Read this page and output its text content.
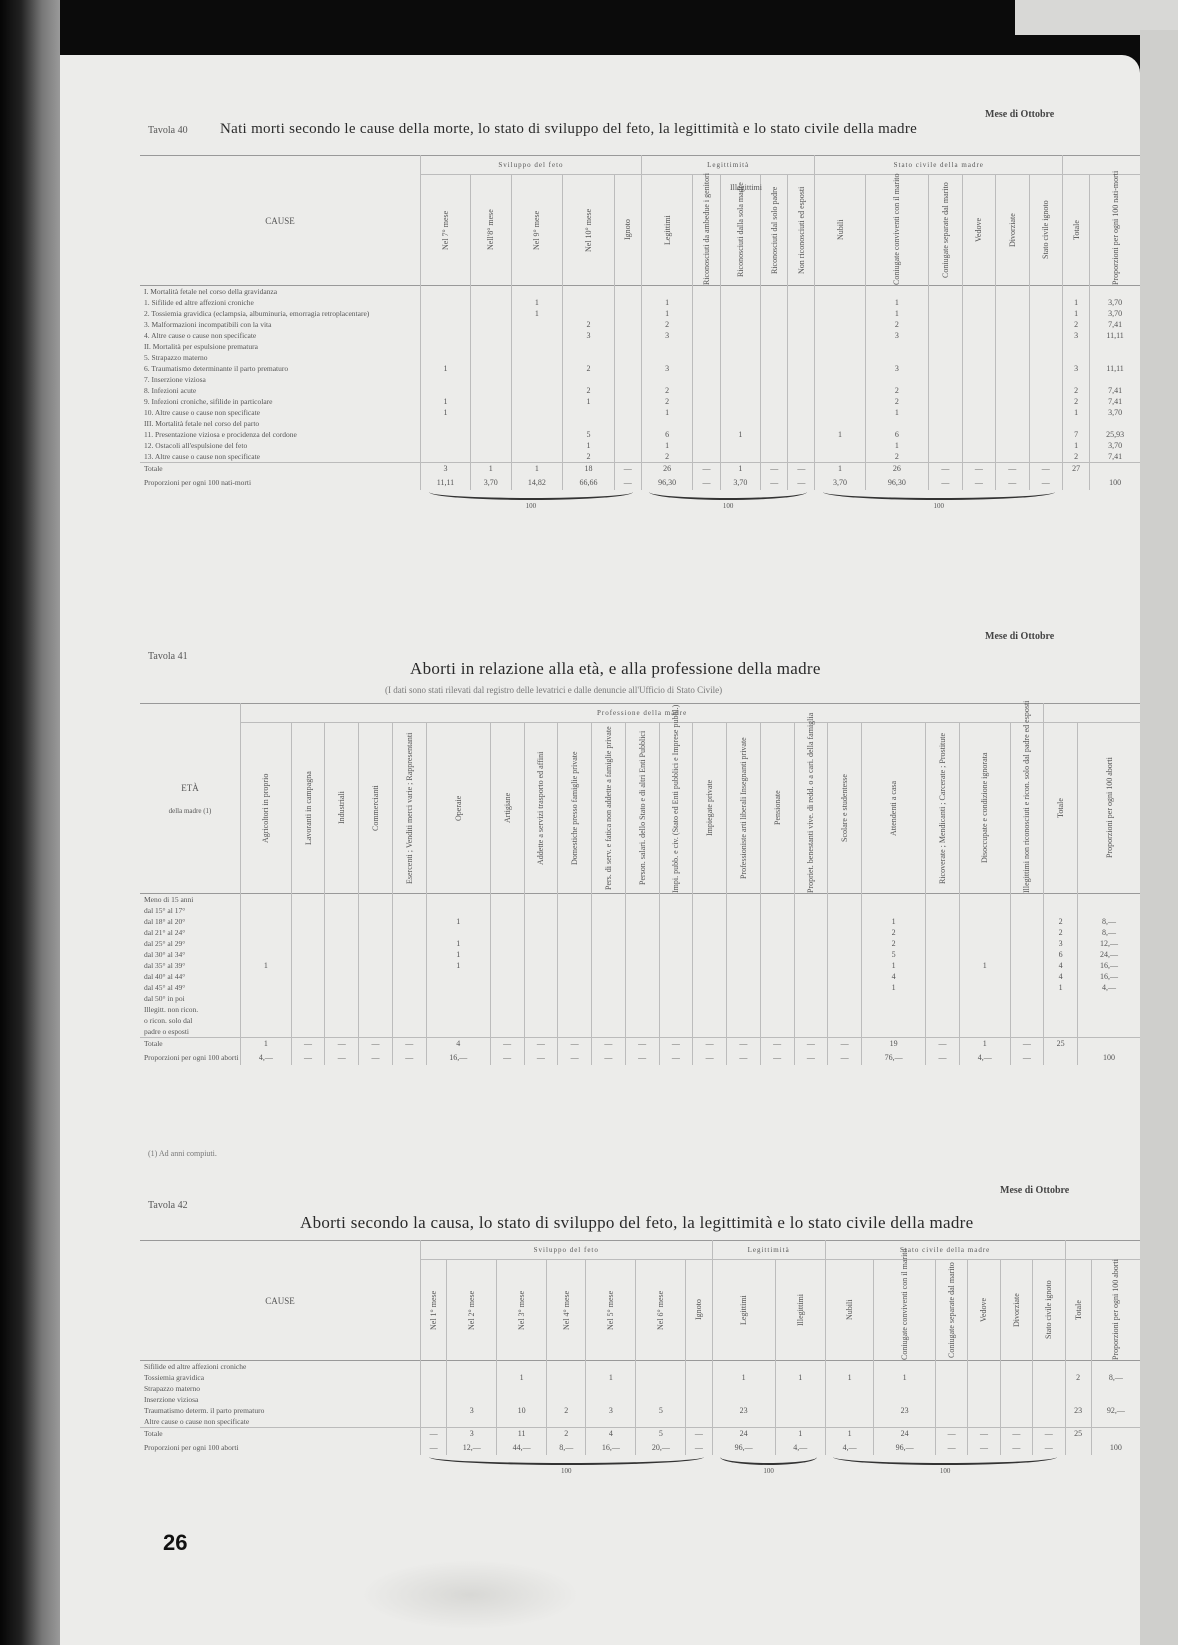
Tavola 40
Mese di Ottobre
Nati morti secondo le cause della morte, lo stato di sviluppo del feto, la legittimità e lo stato civile della madre
CAUSE	Sviluppo del feto					Legittimità					Stato civile della madre							

	Nel 7° mese	Nell'8° mese	Nel 9° mese	Nel 10° mese	Ignoto	Legittimi	Riconosciuti da ambedue i genitori	Riconosciuti dalla sola madre	Riconosciuti dal solo padre	Non riconosciuti ed esposti	Nubili	Coniugate conviventi con il marito	Coniugate separate dal marito	Vedove	Divorziate	Stato civile ignoto	Totale	Proporzioni per ogni 100 nati-morti

I. Mortalità fetale nel corso della gravidanza																		
1. Sifilide ed altre affezioni croniche			1			1						1					1	3,70
2. Tossiemia gravidica (eclampsia, albuminuria, emorragia retroplacentare)			1			1						1					1	3,70
3. Malformazioni incompatibili con la vita				2		2						2					2	7,41
4. Altre cause o cause non specificate				3		3						3					3	11,11
II. Mortalità per espulsione prematura																		
5. Strapazzo materno																		
6. Traumatismo determinante il parto prematuro	1			2		3						3					3	11,11
7. Inserzione viziosa																		
8. Infezioni acute				2		2						2					2	7,41
9. Infezioni croniche, sifilide in particolare	1			1		2						2					2	7,41
10. Altre cause o cause non specificate	1					1						1					1	3,70
III. Mortalità fetale nel corso del parto																		
11. Presentazione viziosa e procidenza del cordone				5		6		1			1	6					7	25,93
12. Ostacoli all'espulsione del feto				1		1						1					1	3,70
13. Altre cause o cause non specificate				2		2						2					2	7,41
Totale	3	1	1	18	—	26	—	1	—	—	1	26	—	—	—	—	27	
Proporzioni per ogni 100 nati-morti	11,11	3,70	14,82	66,66	—	96,30	—	3,70	—	—	3,70	96,30	—	—	—	—		100

	100					100					100							

Tavola 41
Mese di Ottobre
Aborti in relazione alla età, e alla professione della madre
(I dati sono stati rilevati dal registro delle levatrici e dalle denuncie all'Ufficio di Stato Civile)
ETÀ
della madre (1)	Professione della madre																						

	Agricoltori in proprio	Lavoranti in campagna	Industriali	Commercianti	Esercenti ; Venditi merci varie ; Rappresentanti	Operaie	Artigiane	Addette a servizi trasporto ed affini	Domestiche presso famiglie private	Pers. di serv. e fatica non addette a famiglie private	Person. salari. dello Stato e di altri Enti Pubblici	Impi. pubb. e civ. (Stato ed Enti pubblici e Imprese pubbl.)	Impiegate private	Professioniste arti liberali Insegnanti private	Pensionate	Propriet. benestanti vive. di redd. o a cari. della famiglia	Scolare e studentesse	Attendenti a casa	Ricoverate ; Mendicanti ; Carcerate ; Prostitute	Disoccupate e condizione ignorata	Illegittimi non riconosciuti e ricon. solo dal padre ed esposti	Totale	Proporzioni per ogni 100 aborti

Meno di 15 anni																							
dal 15° al 17°																							
dal 18° al 20°						1												1				2	8,—
dal 21° al 24°																		2				2	8,—
dal 25° al 29°						1												2				3	12,—
dal 30° al 34°						1												5				6	24,—
dal 35° al 39°	1					1												1		1		4	16,—
dal 40° al 44°																		4				4	16,—
dal 45° al 49°																		1				1	4,—
dal 50° in poi																							
Illegitt. non ricon.																							
o ricon. solo dal																							
padre o esposti																							
Totale	1	—	—	—	—	4	—	—	—	—	—	—	—	—	—	—	—	19	—	1	—	25	
Proporzioni per ogni 100 aborti	4,—	—	—	—	—	16,—	—	—	—	—	—	—	—	—	—	—	—	76,—	—	4,—	—		100
(1) Ad anni compiuti.
Tavola 42
Mese di Ottobre
Aborti secondo la causa, lo stato di sviluppo del feto, la legittimità e lo stato civile della madre
CAUSE	Sviluppo del feto							Legittimità		Stato civile della madre							

	Nel 1° mese	Nel 2° mese	Nel 3° mese	Nel 4° mese	Nel 5° mese	Nel 6° mese	Ignoto	Legittimi	Illegittimi	Nubili	Coniugate conviventi con il marito	Coniugate separate dal marito	Vedove	Divorziate	Stato civile ignoto	Totale	Proporzioni per ogni 100 aborti

Sifilide ed altre affezioni croniche																	
Tossiemia gravidica			1		1			1	1	1	1					2	8,—
Strapazzo materno																	
Inserzione viziosa																	
Traumatismo determ. il parto prematuro		3	10	2	3	5		23			23					23	92,—
Altre cause o cause non specificate																	
Totale	—	3	11	2	4	5	—	24	1	1	24	—	—	—	—	25	
Proporzioni per ogni 100 aborti	—	12,—	44,—	8,—	16,—	20,—	—	96,—	4,—	4,—	96,—	—	—	—	—		100

	100							100		100							

Illegittimi
26
